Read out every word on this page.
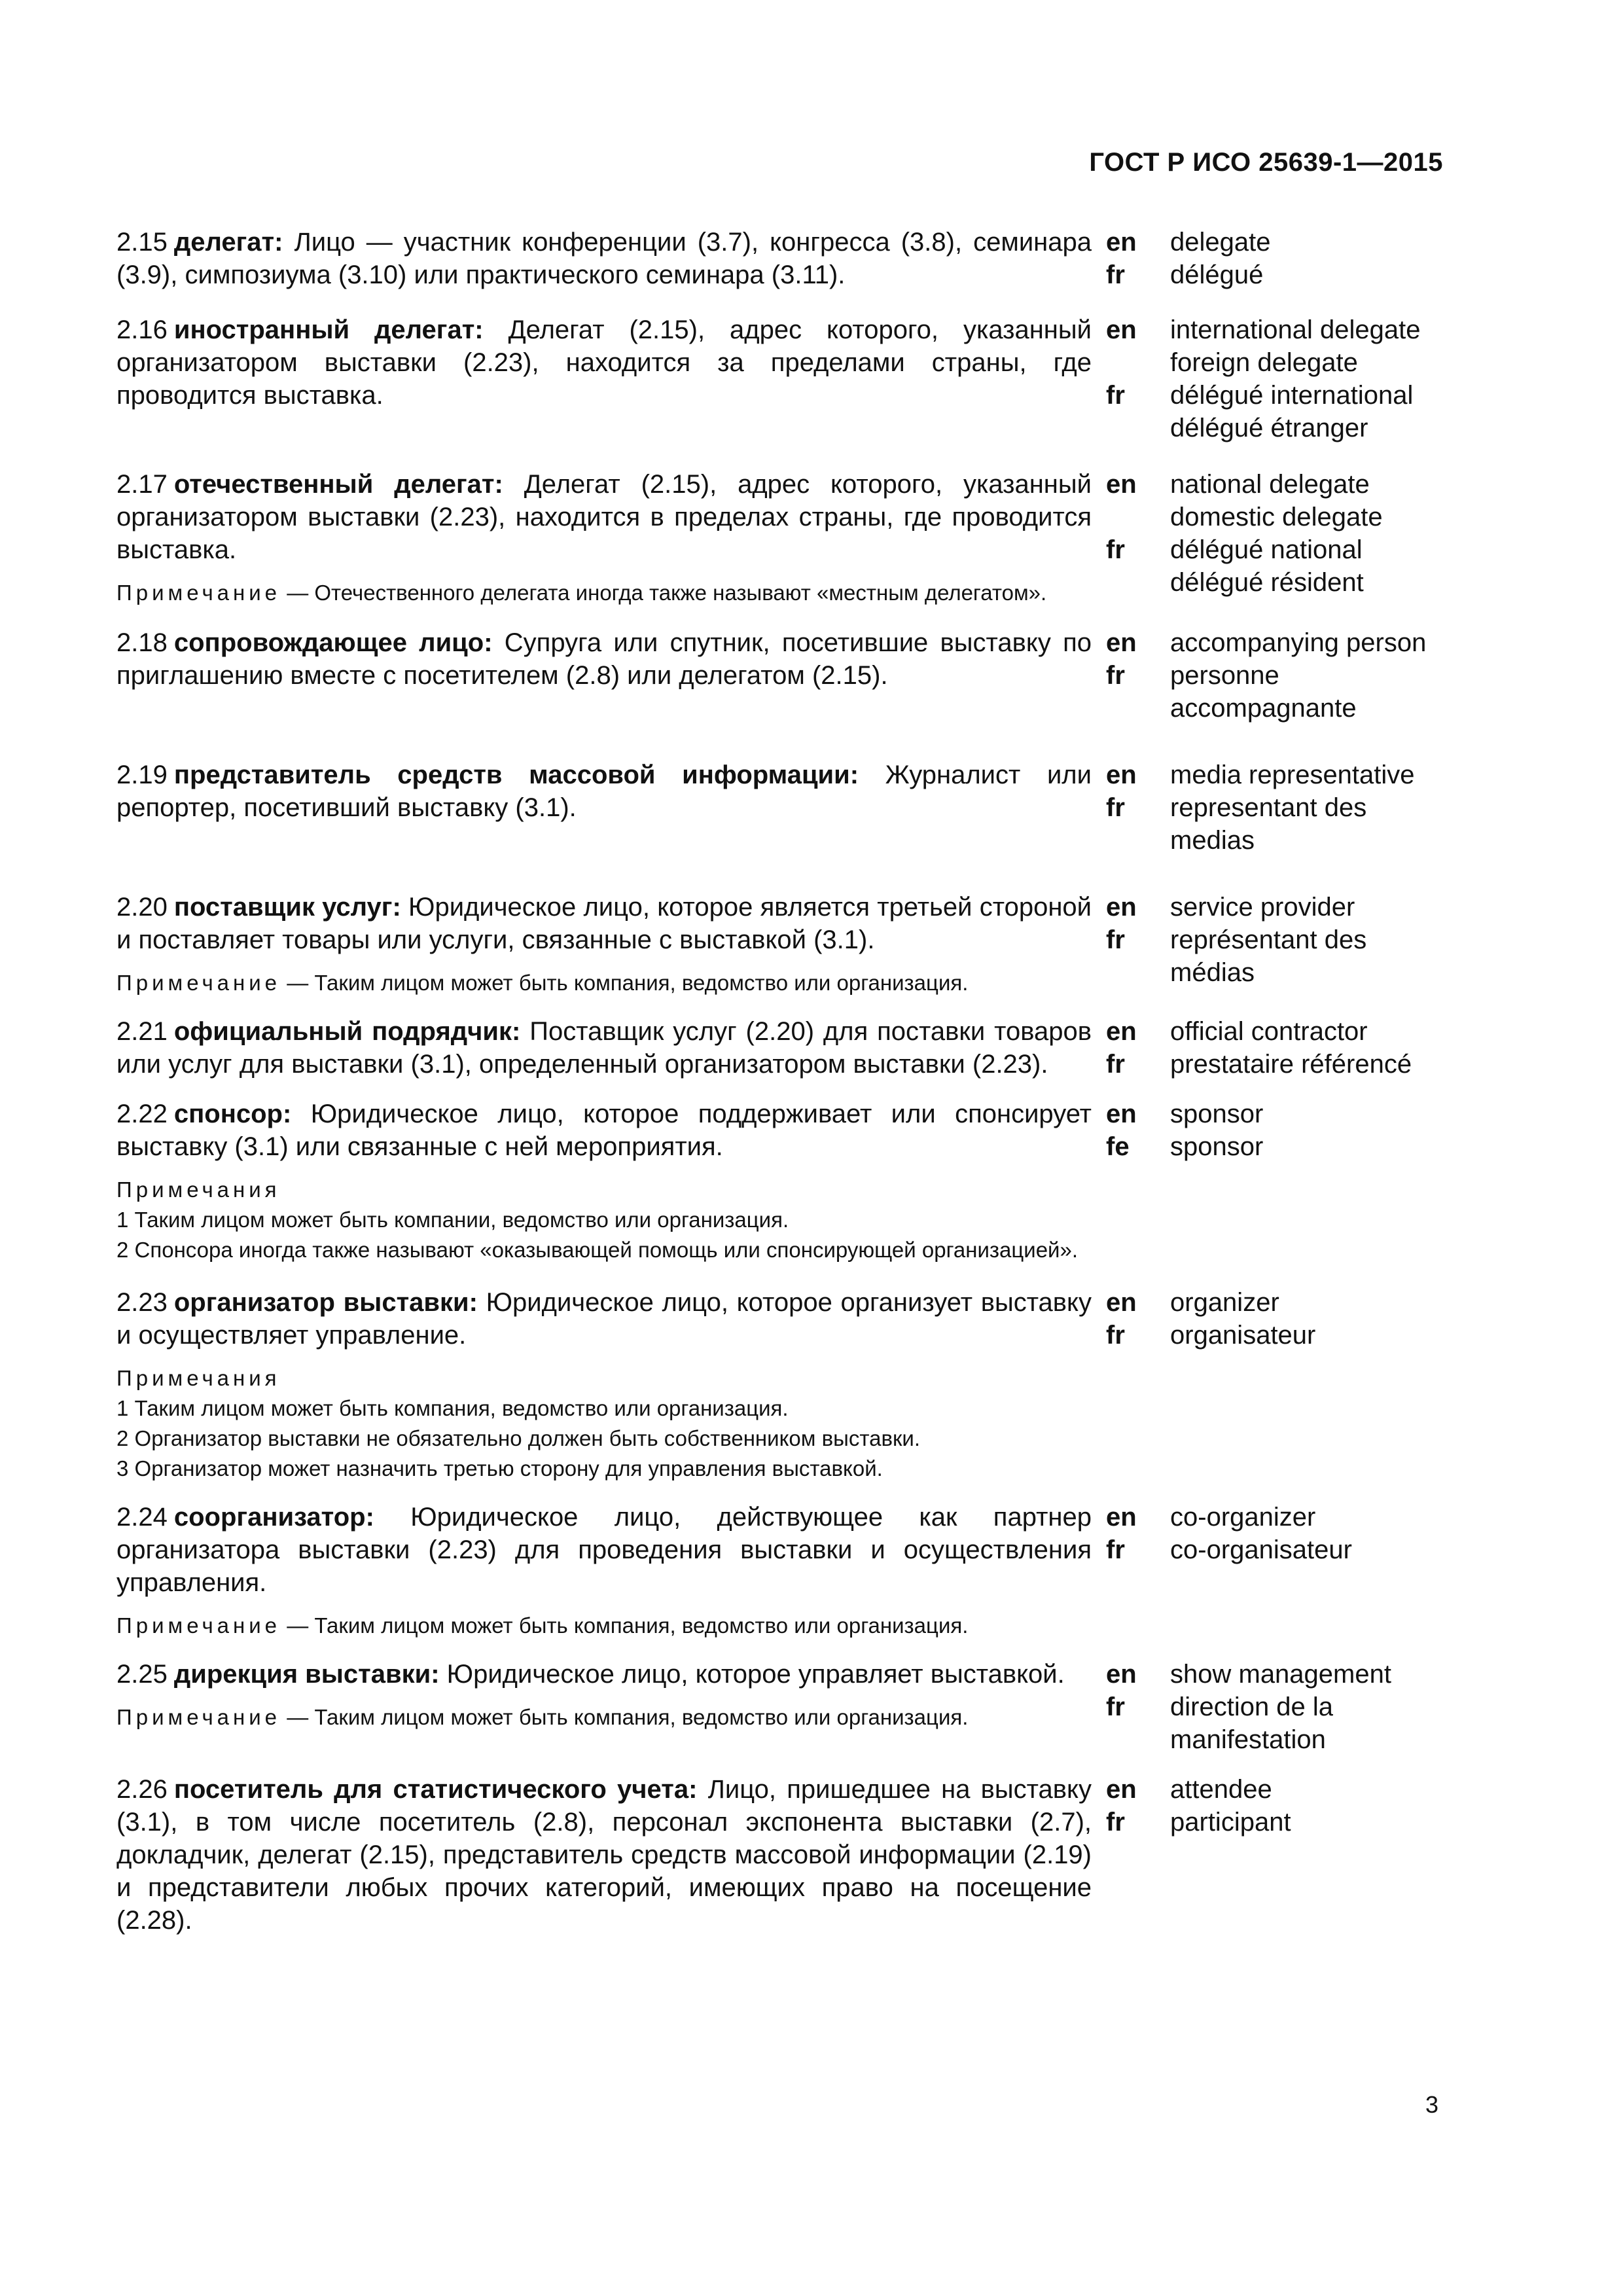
ГОСТ Р ИСО 25639-1—2015

2.15 делегат: Лицо — участник конференции (3.7), конгресса (3.8), семинара (3.9), симпозиума (3.10) или практического семинара (3.11).

en
fr
delegate
délégué

2.16 иностранный делегат: Делегат (2.15), адрес которого, указанный организатором выставки (2.23), находится за пределами страны, где проводится выставка.

en
fr
international delegate
foreign delegate
délégué international
délégué étranger

2.17 отечественный делегат: Делегат (2.15), адрес которого, указанный организатором выставки (2.23), находится в пределах страны, где проводится выставка.

Примечание — Отечественного делегата иногда также называют «местным делегатом».
en
fr
national delegate
domestic delegate
délégué national
délégué résident

2.18 сопровождающее лицо: Супруга или спутник, посетившие выставку по приглашению вместе с посетителем (2.8) или делегатом (2.15).

en
fr
accompanying person
personne accompagnante

2.19 представитель средств массовой информации: Журналист или репортер, посетивший выставку (3.1).

en
fr
media representative
representant des medias

2.20 поставщик услуг: Юридическое лицо, которое является третьей стороной и поставляет товары или услуги, связанные с выставкой (3.1).

Примечание — Таким лицом может быть компания, ведомство или организация.
en
fr
service provider
représentant des médias

2.21 официальный подрядчик: Поставщик услуг (2.20) для поставки товаров или услуг для выставки (3.1), определенный организатором выставки (2.23).

en
fr
official contractor
prestataire référencé

2.22 спонсор: Юридическое лицо, которое поддерживает или спонсирует выставку (3.1) или связанные с ней мероприятия.

Примечания
1 Таким лицом может быть компании, ведомство или организация.
2 Спонсора иногда также называют «оказывающей помощь или спонсирующей организацией».
en
fe
sponsor
sponsor

2.23 организатор выставки: Юридическое лицо, которое организует выставку и осуществляет управление.

Примечания
1 Таким лицом может быть компания, ведомство или организация.
2 Организатор выставки не обязательно должен быть собственником выставки.
3 Организатор может назначить третью сторону для управления выставкой.
en
fr
organizer
organisateur

2.24 соорганизатор: Юридическое лицо, действующее как партнер организатора выставки (2.23) для проведения выставки и осуществления управления.

Примечание — Таким лицом может быть компания, ведомство или организация.
en
fr
co-organizer
co-organisateur

2.25 дирекция выставки: Юридическое лицо, которое управляет выставкой.

Примечание — Таким лицом может быть компания, ведомство или организация.
en
fr
show management
direction de la manifestation

2.26 посетитель для статистического учета: Лицо, пришедшее на выставку (3.1), в том числе посетитель (2.8), персонал экспонента выставки (2.7), докладчик, делегат (2.15), представитель средств массовой информации (2.19) и представители любых прочих категорий, имеющих право на посещение (2.28).

en
fr
attendee
participant
3
